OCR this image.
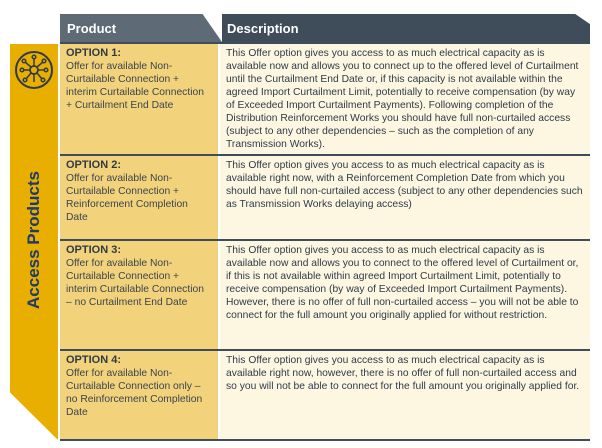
Product	Description
Access Products
OPTION 1:
Offer for available Non-Curtailable Connection + interim Curtailable Connection + Curtailment End Date
This Offer option gives you access to as much electrical capacity as is available now and allows you to connect up to the offered level of Curtailment until the Curtailment End Date or, if this capacity is not available within the agreed Import Curtailment Limit, potentially to receive compensation (by way of Exceeded Import Curtailment Payments). Following completion of the Distribution Reinforcement Works you should have full non-curtailed access (subject to any other dependencies – such as the completion of any Transmission Works).
OPTION 2:
Offer for available Non-Curtailable Connection + Reinforcement Completion Date
This Offer option gives you access to as much electrical capacity as is available right now, with a Reinforcement Completion Date from which you should have full non-curtailed access (subject to any other dependencies such as Transmission Works delaying access)
OPTION 3:
Offer for available Non-Curtailable Connection + interim Curtailable Connection – no Curtailment End Date
This Offer option gives you access to as much electrical capacity as is available now and allows you to connect to the offered level of Curtailment or, if this is not available within agreed Import Curtailment Limit, potentially to receive compensation (by way of Exceeded Import Curtailment Payments). However, there is no offer of full non-curtailed access – you will not be able to connect for the full amount you originally applied for without restriction.
OPTION 4:
Offer for available Non-Curtailable Connection only – no Reinforcement Completion Date
This Offer option gives you access to as much electrical capacity as is available right now, however, there is no offer of full non-curtailed access and so you will not be able to connect for the full amount you originally applied for.
